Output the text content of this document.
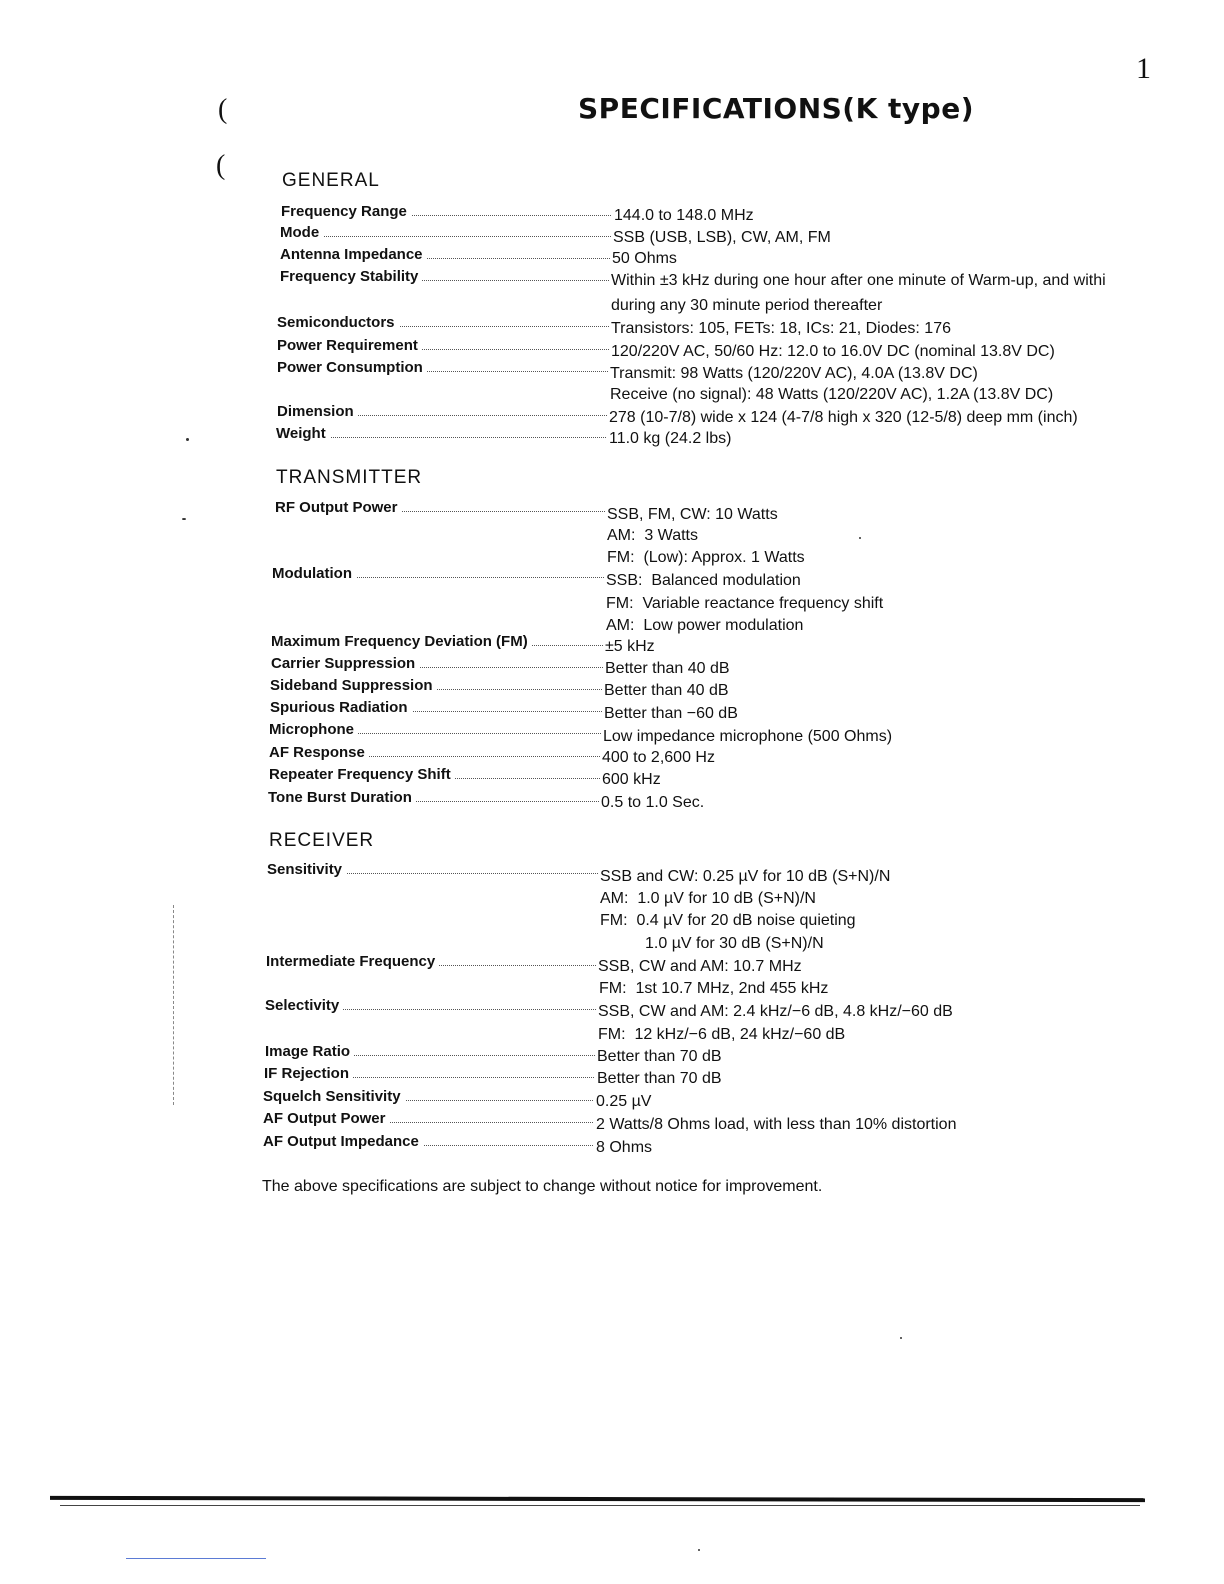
1
(
(
SPECIFICATIONS(K type)
GENERAL
Frequency Range	144.0 to 148.0 MHz
Mode	SSB (USB, LSB), CW, AM, FM
Antenna Impedance	50 Ohms
Frequency Stability	Within ±3 kHz during one hour after one minute of Warm-up, and withi
during any 30 minute period thereafter
Semiconductors	Transistors: 105, FETs: 18, ICs: 21, Diodes: 176
Power Requirement	120/220V AC, 50/60 Hz: 12.0 to 16.0V DC (nominal 13.8V DC)
Power Consumption	Transmit: 98 Watts (120/220V AC), 4.0A (13.8V DC)
Receive (no signal): 48 Watts (120/220V AC), 1.2A (13.8V DC)
Dimension	278 (10-7/8) wide x 124 (4-7/8 high x 320 (12-5/8) deep mm (inch)
Weight	11.0 kg (24.2 lbs)
TRANSMITTER
RF Output Power	SSB, FM, CW: 10 Watts
AM:  3 Watts
FM:  (Low): Approx. 1 Watts
Modulation	SSB:  Balanced modulation
FM:  Variable reactance frequency shift
AM:  Low power modulation
Maximum Frequency Deviation (FM)	±5 kHz
Carrier Suppression	Better than 40 dB
Sideband Suppression	Better than 40 dB
Spurious Radiation	Better than −60 dB
Microphone	Low impedance microphone (500 Ohms)
AF Response	400 to 2,600 Hz
Repeater Frequency Shift	600 kHz
Tone Burst Duration	0.5 to 1.0 Sec.
RECEIVER
Sensitivity	SSB and CW: 0.25 µV for 10 dB (S+N)/N
AM:  1.0 µV for 10 dB (S+N)/N
FM:  0.4 µV for 20 dB noise quieting
1.0 µV for 30 dB (S+N)/N
Intermediate Frequency	SSB, CW and AM: 10.7 MHz
FM:  1st 10.7 MHz, 2nd 455 kHz
Selectivity	SSB, CW and AM: 2.4 kHz/−6 dB, 4.8 kHz/−60 dB
FM:  12 kHz/−6 dB, 24 kHz/−60 dB
Image Ratio	Better than 70 dB
IF Rejection	Better than 70 dB
Squelch Sensitivity	0.25 µV
AF Output Power	2 Watts/8 Ohms load, with less than 10% distortion
AF Output Impedance	8 Ohms
The above specifications are subject to change without notice for improvement.
